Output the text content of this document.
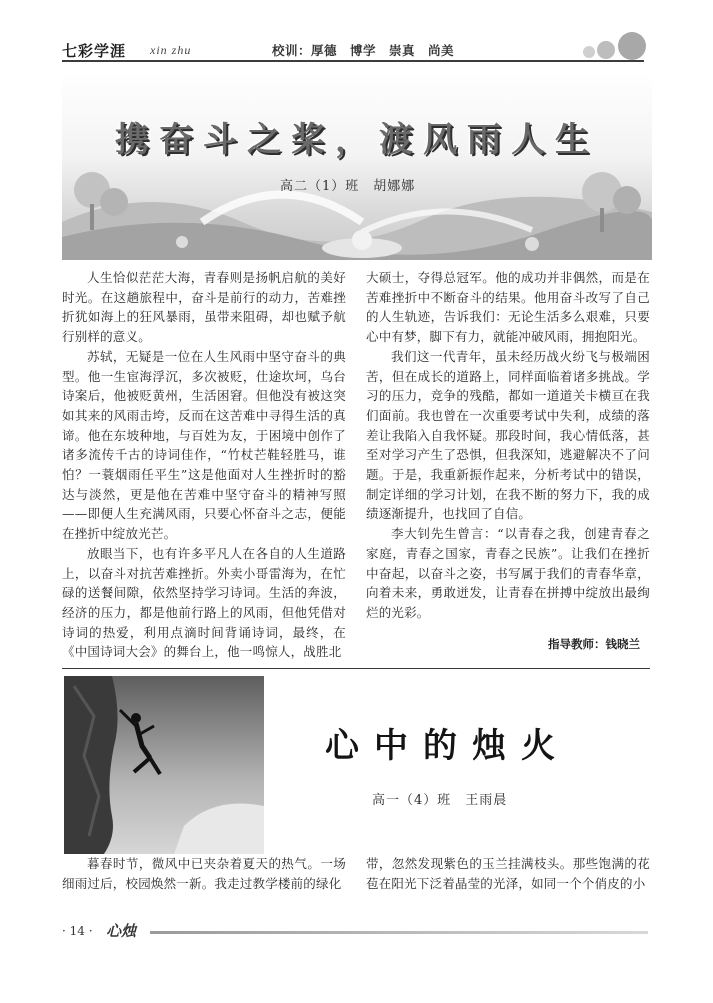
七彩学涯 xin zhu	校训：厚德　博学　崇真　尚美
携奋斗之桨，渡风雨人生
高二（1）班　胡娜娜

人生恰似茫茫大海，青春则是扬帆启航的美好时光。在这趟旅程中，奋斗是前行的动力，苦难挫折犹如海上的狂风暴雨，虽带来阻碍，却也赋予航行别样的意义。

苏轼，无疑是一位在人生风雨中坚守奋斗的典型。他一生宦海浮沉，多次被贬，仕途坎坷，乌台诗案后，他被贬黄州，生活困窘。但他没有被这突如其来的风雨击垮，反而在这苦难中寻得生活的真谛。他在东坡种地，与百姓为友，于困境中创作了诸多流传千古的诗词佳作，“竹杖芒鞋轻胜马，谁怕？一蓑烟雨任平生”这是他面对人生挫折时的豁达与淡然，更是他在苦难中坚守奋斗的精神写照——即便人生充满风雨，只要心怀奋斗之志，便能在挫折中绽放光芒。

放眼当下，也有许多平凡人在各自的人生道路上，以奋斗对抗苦难挫折。外卖小哥雷海为，在忙碌的送餐间隙，依然坚持学习诗词。生活的奔波，经济的压力，都是他前行路上的风雨，但他凭借对诗词的热爱，利用点滴时间背诵诗词，最终，在《中国诗词大会》的舞台上，他一鸣惊人，战胜北

大硕士，夺得总冠军。他的成功并非偶然，而是在苦难挫折中不断奋斗的结果。他用奋斗改写了自己的人生轨迹，告诉我们：无论生活多么艰难，只要心中有梦，脚下有力，就能冲破风雨，拥抱阳光。

我们这一代青年，虽未经历战火纷飞与极端困苦，但在成长的道路上，同样面临着诸多挑战。学习的压力，竞争的残酷，都如一道道关卡横亘在我们面前。我也曾在一次重要考试中失利，成绩的落差让我陷入自我怀疑。那段时间，我心情低落，甚至对学习产生了恐惧，但我深知，逃避解决不了问题。于是，我重新振作起来，分析考试中的错误，制定详细的学习计划，在我不断的努力下，我的成绩逐渐提升，也找回了自信。

李大钊先生曾言：“以青春之我，创建青春之家庭，青春之国家，青春之民族”。让我们在挫折中奋起，以奋斗之姿，书写属于我们的青春华章，向着未来，勇敢迸发，让青春在拼搏中绽放出最绚烂的光彩。

指导教师：钱晓兰
心中的烛火
高一（4）班　王雨晨

暮春时节，微风中已夹杂着夏天的热气。一场细雨过后，校园焕然一新。我走过教学楼前的绿化

带，忽然发现紫色的玉兰挂满枝头。那些饱满的花苞在阳光下泛着晶莹的光泽，如同一个个俏皮的小

· 14 · 心烛
